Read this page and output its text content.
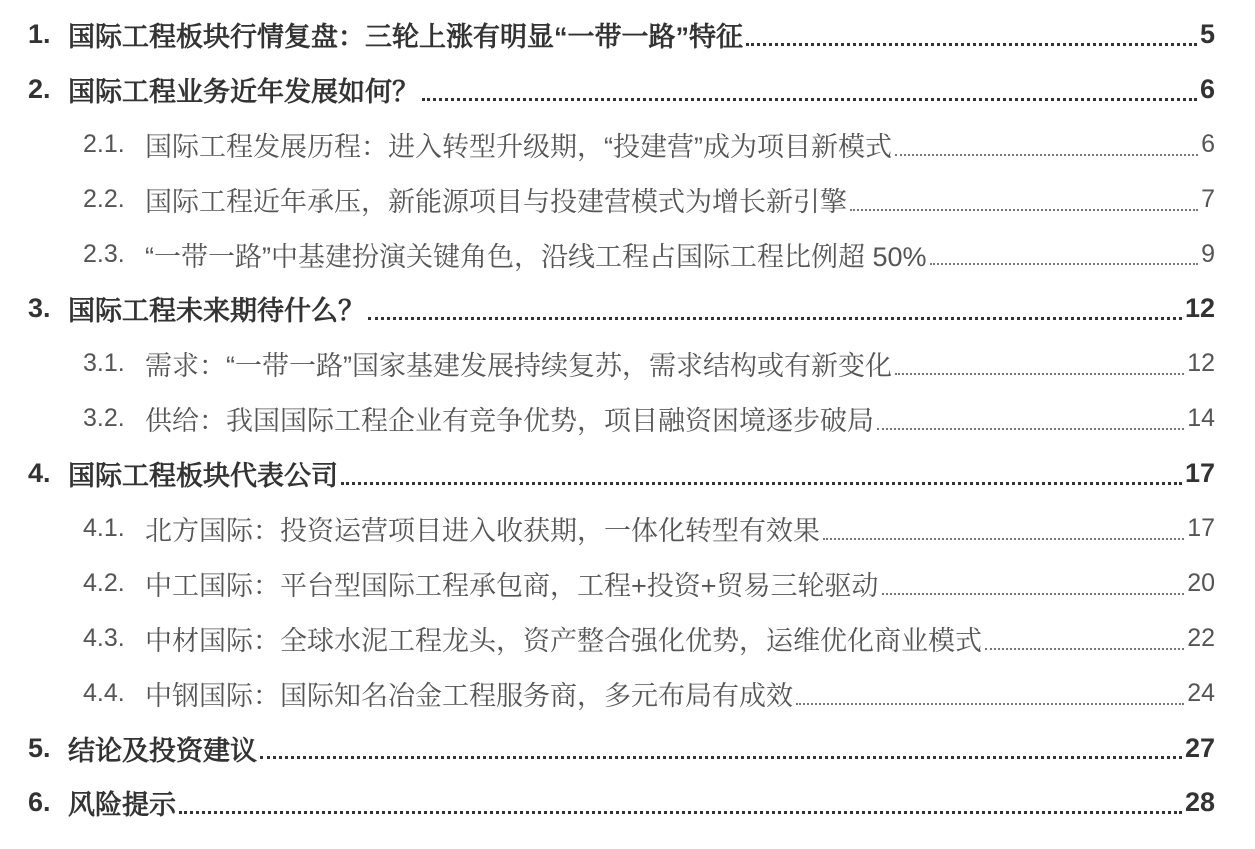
1. 国际工程板块行情复盘：三轮上涨有明显“一带一路”特征	5
2. 国际工程业务近年发展如何？	6
2.1. 国际工程发展历程：进入转型升级期，“投建营”成为项目新模式	6
2.2. 国际工程近年承压，新能源项目与投建营模式为增长新引擎	7
2.3. “一带一路”中基建扮演关键角色，沿线工程占国际工程比例超 50%	9
3. 国际工程未来期待什么？	12
3.1. 需求：“一带一路”国家基建发展持续复苏，需求结构或有新变化	12
3.2. 供给：我国国际工程企业有竞争优势，项目融资困境逐步破局	14
4. 国际工程板块代表公司	17
4.1. 北方国际：投资运营项目进入收获期，一体化转型有效果	17
4.2. 中工国际：平台型国际工程承包商，工程+投资+贸易三轮驱动	20
4.3. 中材国际：全球水泥工程龙头，资产整合强化优势，运维优化商业模式	22
4.4. 中钢国际：国际知名冶金工程服务商，多元布局有成效	24
5. 结论及投资建议	27
6. 风险提示	28
